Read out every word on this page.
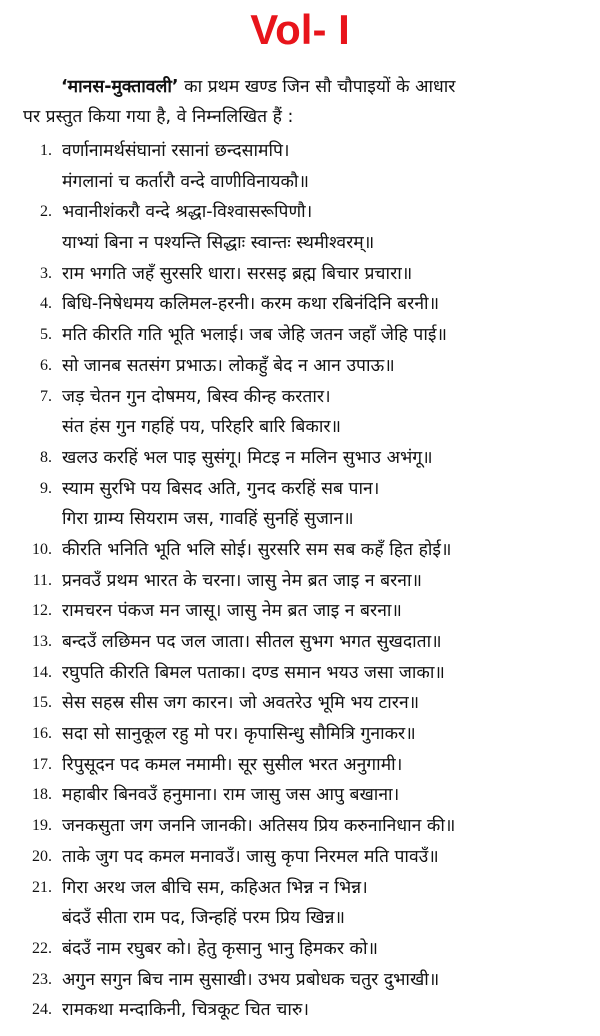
Vol- I
‘मानस-मुक्तावली’ का प्रथम खण्ड जिन सौ चौपाइयों के आधार
पर प्रस्तुत किया गया है, वे निम्नलिखित हैं :
1. वर्णानामर्थसंघानां रसानां छन्दसामपि।
मंगलानां च कर्तारौ वन्दे वाणीविनायकौ॥
2. भवानीशंकरौ वन्दे श्रद्धा-विश्वासरूपिणौ।
याभ्यां बिना न पश्यन्ति सिद्धाः स्वान्तः स्थमीश्वरम्॥
3. राम भगति जहँ सुरसरि धारा। सरसइ ब्रह्म बिचार प्रचारा॥
4. बिधि-निषेधमय कलिमल-हरनी। करम कथा रबिनंदिनि बरनी॥
5. मति कीरति गति भूति भलाई। जब जेहि जतन जहाँ जेहि पाई॥
6. सो जानब सतसंग प्रभाऊ। लोकहुँ बेद न आन उपाऊ॥
7. जड़ चेतन गुन दोषमय, बिस्व कीन्ह करतार।
संत हंस गुन गहहिं पय, परिहरि बारि बिकार॥
8. खलउ करहिं भल पाइ सुसंगू। मिटइ न मलिन सुभाउ अभंगू॥
9. स्याम सुरभि पय बिसद अति, गुनद करहिं सब पान।
गिरा ग्राम्य सियराम जस, गावहिं सुनहिं सुजान॥
10. कीरति भनिति भूति भलि सोई। सुरसरि सम सब कहँ हित होई॥
11. प्रनवउँ प्रथम भारत के चरना। जासु नेम ब्रत जाइ न बरना॥
12. रामचरन पंकज मन जासू। जासु नेम ब्रत जाइ न बरना॥
13. बन्दउँ लछिमन पद जल जाता। सीतल सुभग भगत सुखदाता॥
14. रघुपति कीरति बिमल पताका। दण्ड समान भयउ जसा जाका॥
15. सेस सहस्र सीस जग कारन। जो अवतरेउ भूमि भय टारन॥
16. सदा सो सानुकूल रहु मो पर। कृपासिन्धु सौमित्रि गुनाकर॥
17. रिपुसूदन पद कमल नमामी। सूर सुसील भरत अनुगामी।
18. महाबीर बिनवउँ हनुमाना। राम जासु जस आपु बखाना।
19. जनकसुता जग जननि जानकी। अतिसय प्रिय करुनानिधान की॥
20. ताके जुग पद कमल मनावउँ। जासु कृपा निरमल मति पावउँ॥
21. गिरा अरथ जल बीचि सम, कहिअत भिन्न न भिन्न।
बंदउँ सीता राम पद, जिन्हहिं परम प्रिय खिन्न॥
22. बंदउँ नाम रघुबर को। हेतु कृसानु भानु हिमकर को॥
23. अगुन सगुन बिच नाम सुसाखी। उभय प्रबोधक चतुर दुभाखी॥
24. रामकथा मन्दाकिनी, चित्रकूट चित चारु।
